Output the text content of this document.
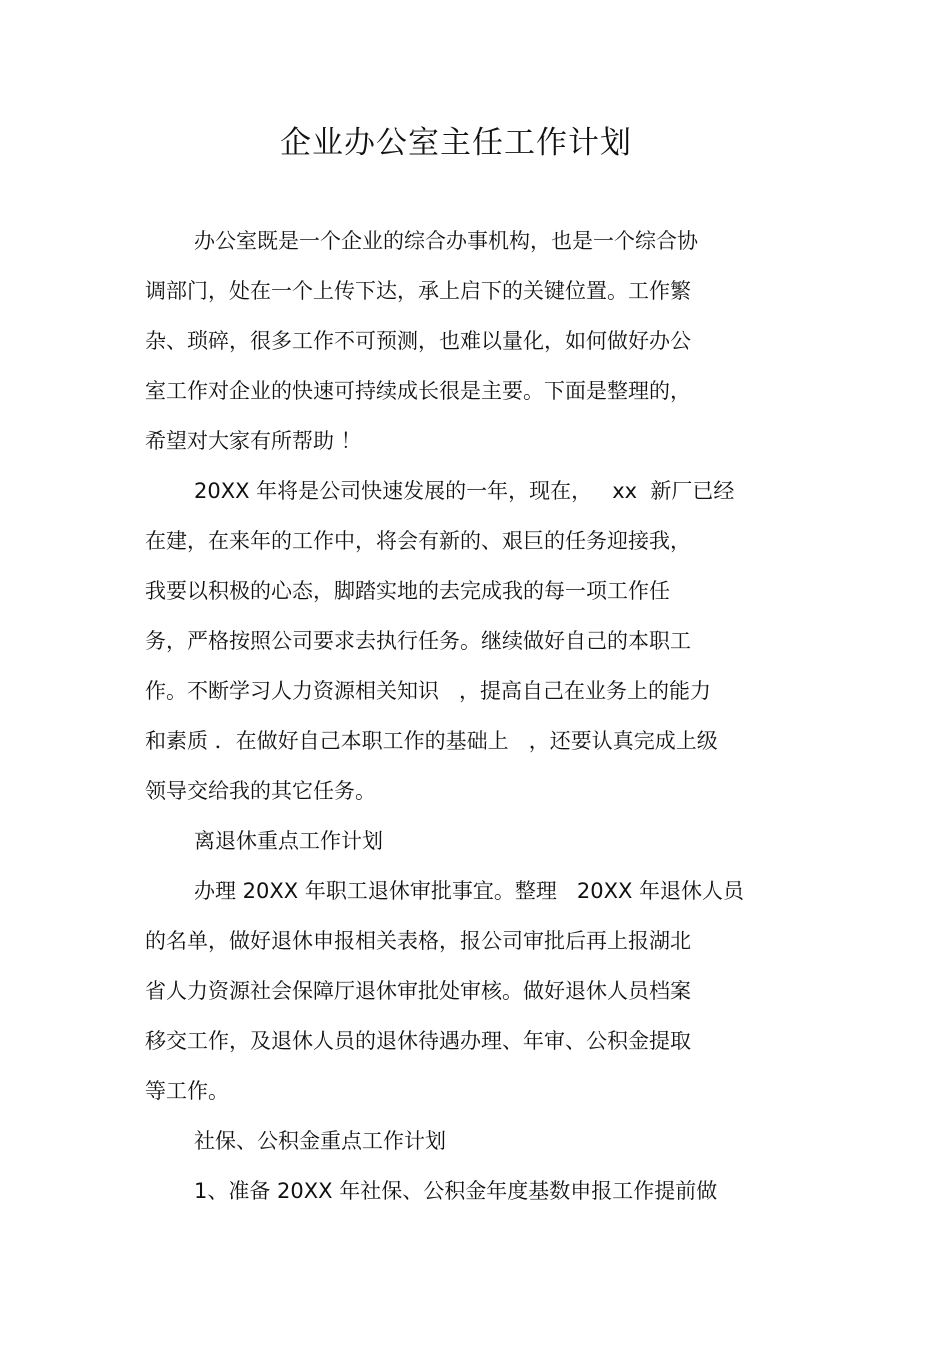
企业办公室主任工作计划
办公室既是一个企业的综合办事机构，也是一个综合协
调部门，处在一个上传下达，承上启下的关键位置。工作繁
杂、琐碎，很多工作不可预测，也难以量化，如何做好办公
室工作对企业的快速可持续成长很是主要。下面是整理的，
希望对大家有所帮助 ！
20XX 年将是公司快速发展的一年，现在，   xx  新厂已经
在建，在来年的工作中，将会有新的、艰巨的任务迎接我，
我要以积极的心态，脚踏实地的去完成我的每一项工作任
务，严格按照公司要求去执行任务。继续做好自己的本职工
作。不断学习人力资源相关知识   ，提高自己在业务上的能力
和素质 ．在做好自己本职工作的基础上   ，还要认真完成上级
领导交给我的其它任务。
离退休重点工作计划
办理 20XX 年职工退休审批事宜。整理   20XX 年退休人员
的名单，做好退休申报相关表格，报公司审批后再上报湖北
省人力资源社会保障厅退休审批处审核。做好退休人员档案
移交工作，及退休人员的退休待遇办理、年审、公积金提取
等工作。
社保、公积金重点工作计划
1、准备 20XX 年社保、公积金年度基数申报工作提前做
